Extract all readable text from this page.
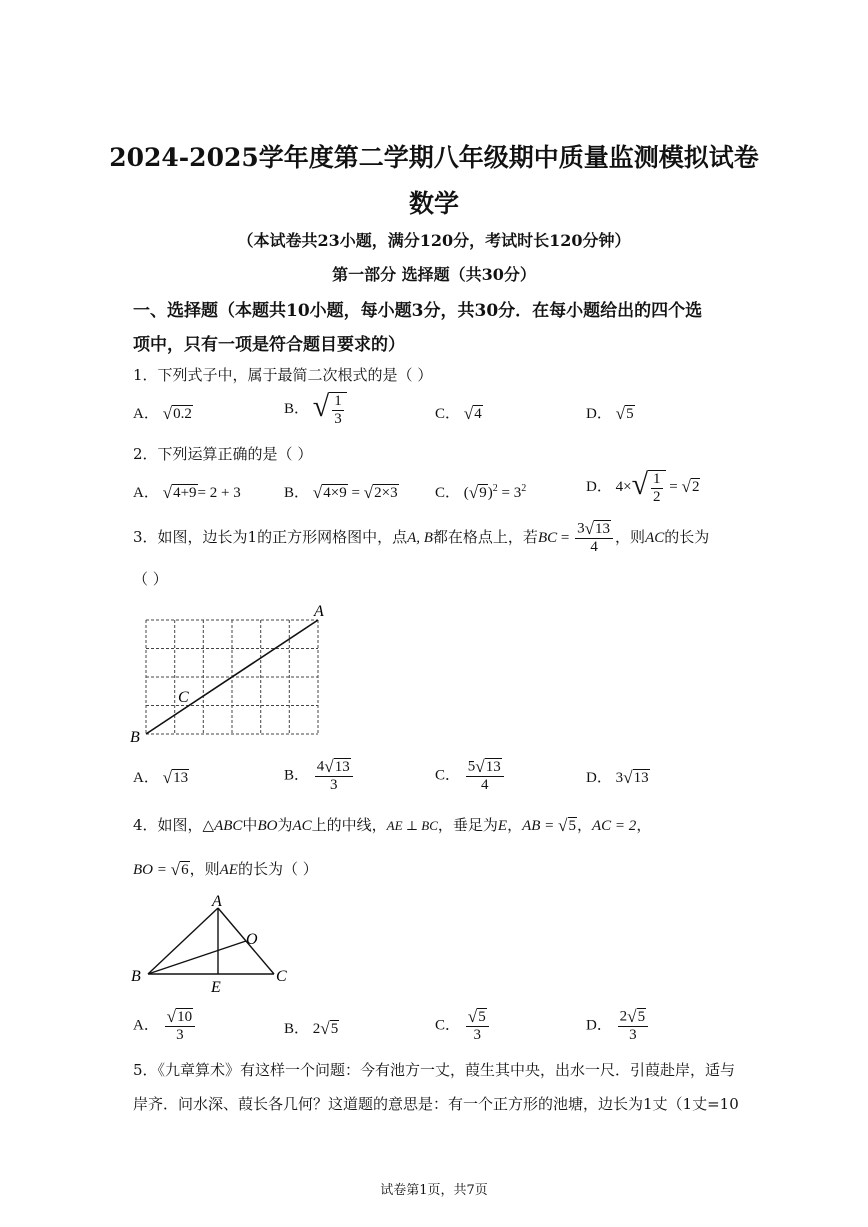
2024-2025学年度第二学期八年级期中质量监测模拟试卷
数学
（本试卷共23小题，满分120分，考试时长120分钟）
第一部分 选择题（共30分）
一、选择题（本题共10小题，每小题3分，共30分．在每小题给出的四个选
项中，只有一项是符合题目要求的）
1．下列式子中，属于最简二次根式的是（ ）
A． √ 0.2	B． √ $\frac{1}{3}$	C． √ 4	D． √ 5
2．下列运算正确的是（ ）
A． √ 4+9 = 2 + 3	B． √ 4×9 = √ 2×3 C． ( √ 9 )$^2 = 3^2$	D． 4× √ $\frac{1}{2}$ = √ 2
3．如图，边长为1的正方形网格图中，点A, B都在格点上，若BC = $\frac{3 √ 13}{4}$ ，则AC的长为
（ ）
A
B
C
A． √ 13	B． $\frac{4 √ 13}{3}$	C． $\frac{5 √ 13}{4}$	D． 3 √ 13
4．如图，△ABC中BO为AC上的中线，AE ⊥ BC，垂足为E，AB = √ 5 ，AC = 2，
BO = √ 6 ，则AE的长为（ ）
A
B	C
O
E
A． $\frac{√ 10}{3}$	B． 2 √ 5	C． $\frac{√ 5}{3}$	D． $\frac{2 √ 5}{3}$
5．《九章算术》有这样一个问题：今有池方一丈，葭生其中央，出水一尺．引葭赴岸，适与
岸齐．问水深、葭长各几何？这道题的意思是：有一个正方形的池塘，边长为1丈（1丈=10
试卷第1页，共7页
